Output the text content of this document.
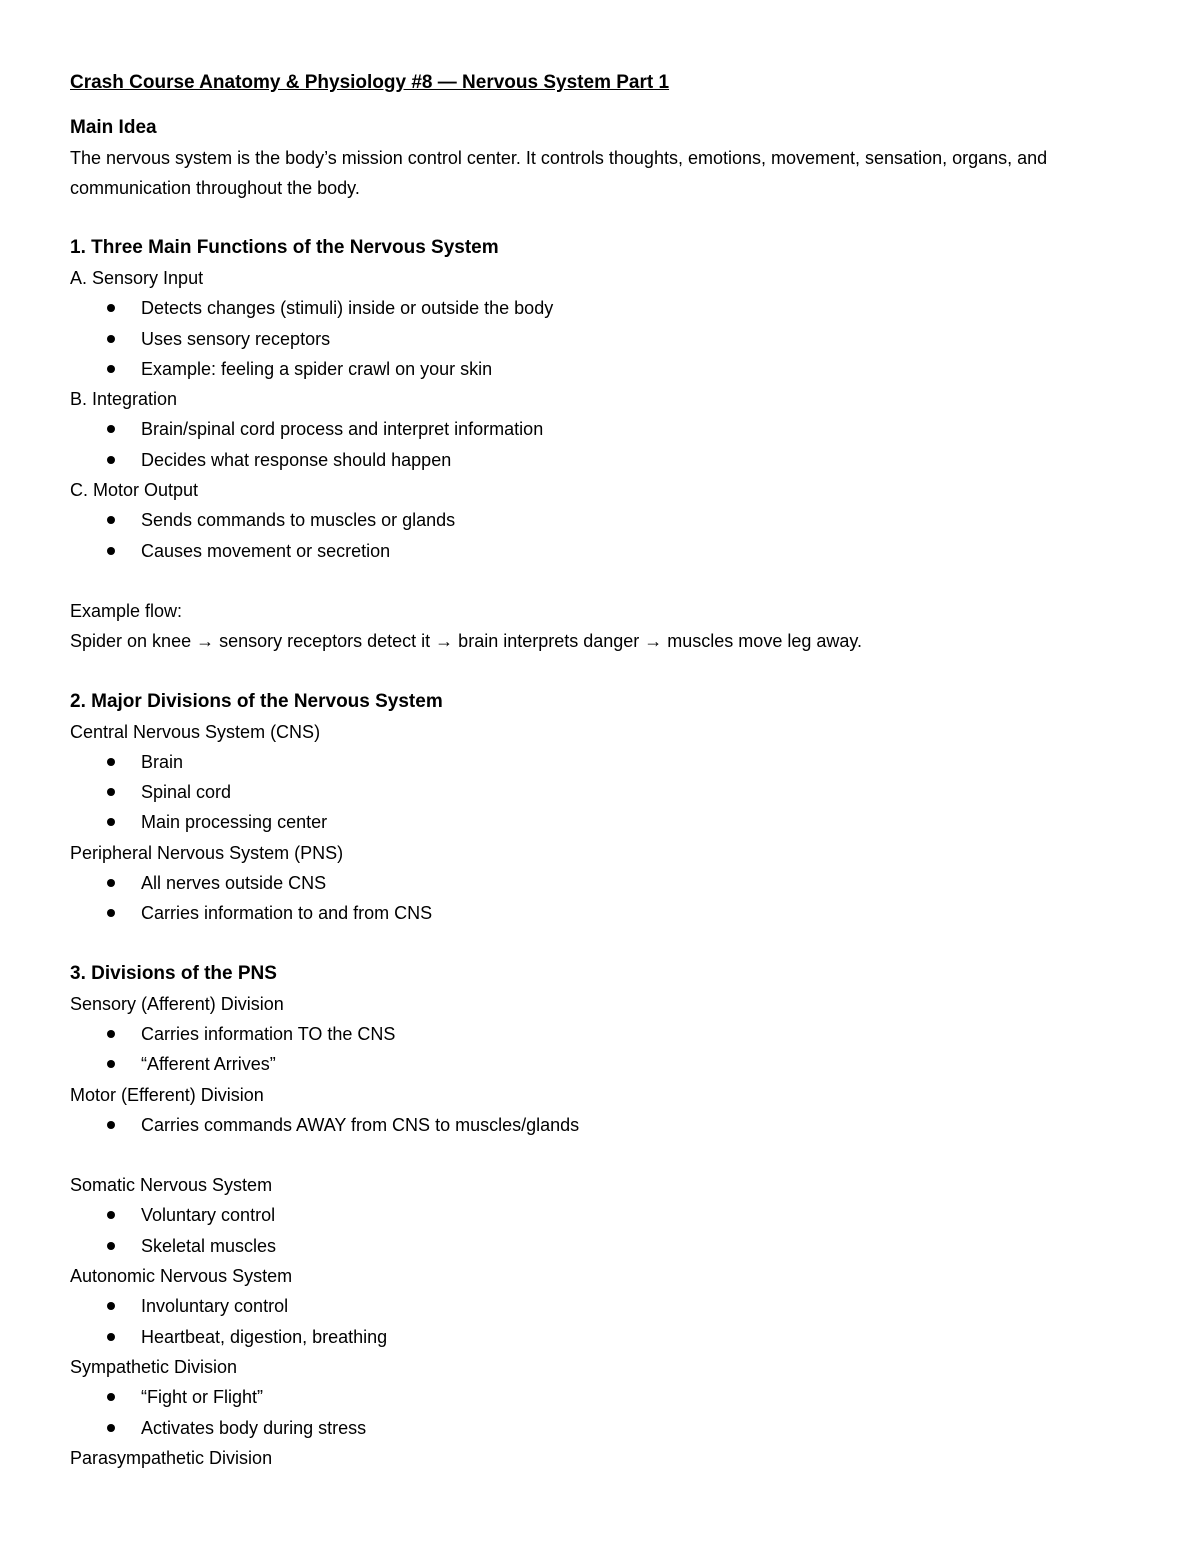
Crash Course Anatomy & Physiology #8 — Nervous System Part 1
Main Idea

The nervous system is the body’s mission control center. It controls thoughts, emotions, movement, sensation, organs, and communication throughout the body.

1. Three Main Functions of the Nervous System
A. Sensory Input
Detects changes (stimuli) inside or outside the body
Uses sensory receptors
Example: feeling a spider crawl on your skin
B. Integration
Brain/spinal cord process and interpret information
Decides what response should happen
C. Motor Output
Sends commands to muscles or glands
Causes movement or secretion
Example flow:
Spider on knee → sensory receptors detect it → brain interprets danger → muscles move leg away.
2. Major Divisions of the Nervous System
Central Nervous System (CNS)
Brain
Spinal cord
Main processing center
Peripheral Nervous System (PNS)
All nerves outside CNS
Carries information to and from CNS
3. Divisions of the PNS
Sensory (Afferent) Division
Carries information TO the CNS
“Afferent Arrives”
Motor (Efferent) Division
Carries commands AWAY from CNS to muscles/glands
Somatic Nervous System
Voluntary control
Skeletal muscles
Autonomic Nervous System
Involuntary control
Heartbeat, digestion, breathing
Sympathetic Division
“Fight or Flight”
Activates body during stress
Parasympathetic Division
